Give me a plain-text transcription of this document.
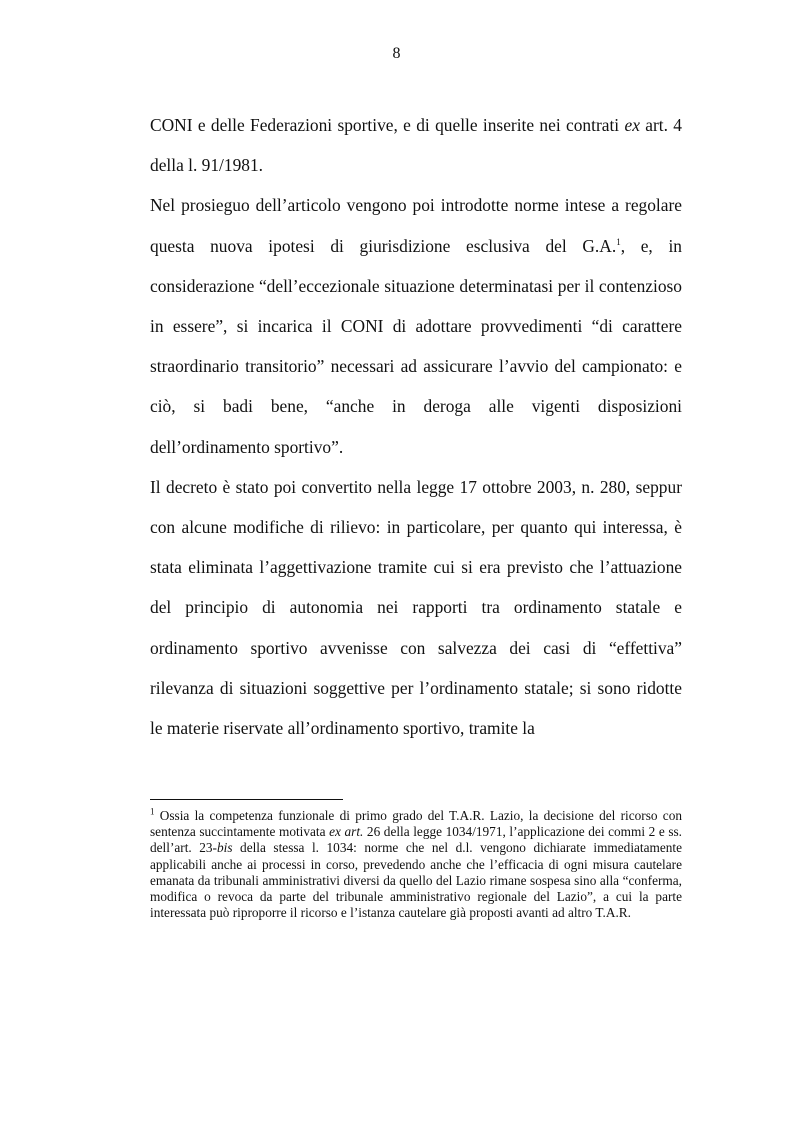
8

CONI e delle Federazioni sportive, e di quelle inserite nei contrati ex art. 4 della l. 91/1981.

Nel prosieguo dell’articolo vengono poi introdotte norme intese a regolare questa nuova ipotesi di giurisdizione esclusiva del G.A.$^1$, e, in considerazione “dell’eccezionale situazione determinatasi per il contenzioso in essere”, si incarica il CONI di adottare provvedimenti “di carattere straordinario transitorio” necessari ad assicurare l’avvio del campionato: e ciò, si badi bene, “anche in deroga alle vigenti disposizioni dell’ordinamento sportivo”.

Il decreto è stato poi convertito nella legge 17 ottobre 2003, n. 280, seppur con alcune modifiche di rilievo: in particolare, per quanto qui interessa, è stata eliminata l’aggettivazione tramite cui si era previsto che l’attuazione del principio di autonomia nei rapporti tra ordinamento statale e ordinamento sportivo avvenisse con salvezza dei casi di “effettiva” rilevanza di situazioni soggettive per l’ordinamento statale; si sono ridotte le materie riservate all’ordinamento sportivo, tramite la

$^1$ Ossia la competenza funzionale di primo grado del T.A.R. Lazio, la decisione del ricorso con sentenza succintamente motivata ex art. 26 della legge 1034/1971, l’applicazione dei commi 2 e ss. dell’art. 23-bis della stessa l. 1034: norme che nel d.l. vengono dichiarate immediatamente applicabili anche ai processi in corso, prevedendo anche che l’efficacia di ogni misura cautelare emanata da tribunali amministrativi diversi da quello del Lazio rimane sospesa sino alla “conferma, modifica o revoca da parte del tribunale amministrativo regionale del Lazio”, a cui la parte interessata può riproporre il ricorso e l’istanza cautelare già proposti avanti ad altro T.A.R.
